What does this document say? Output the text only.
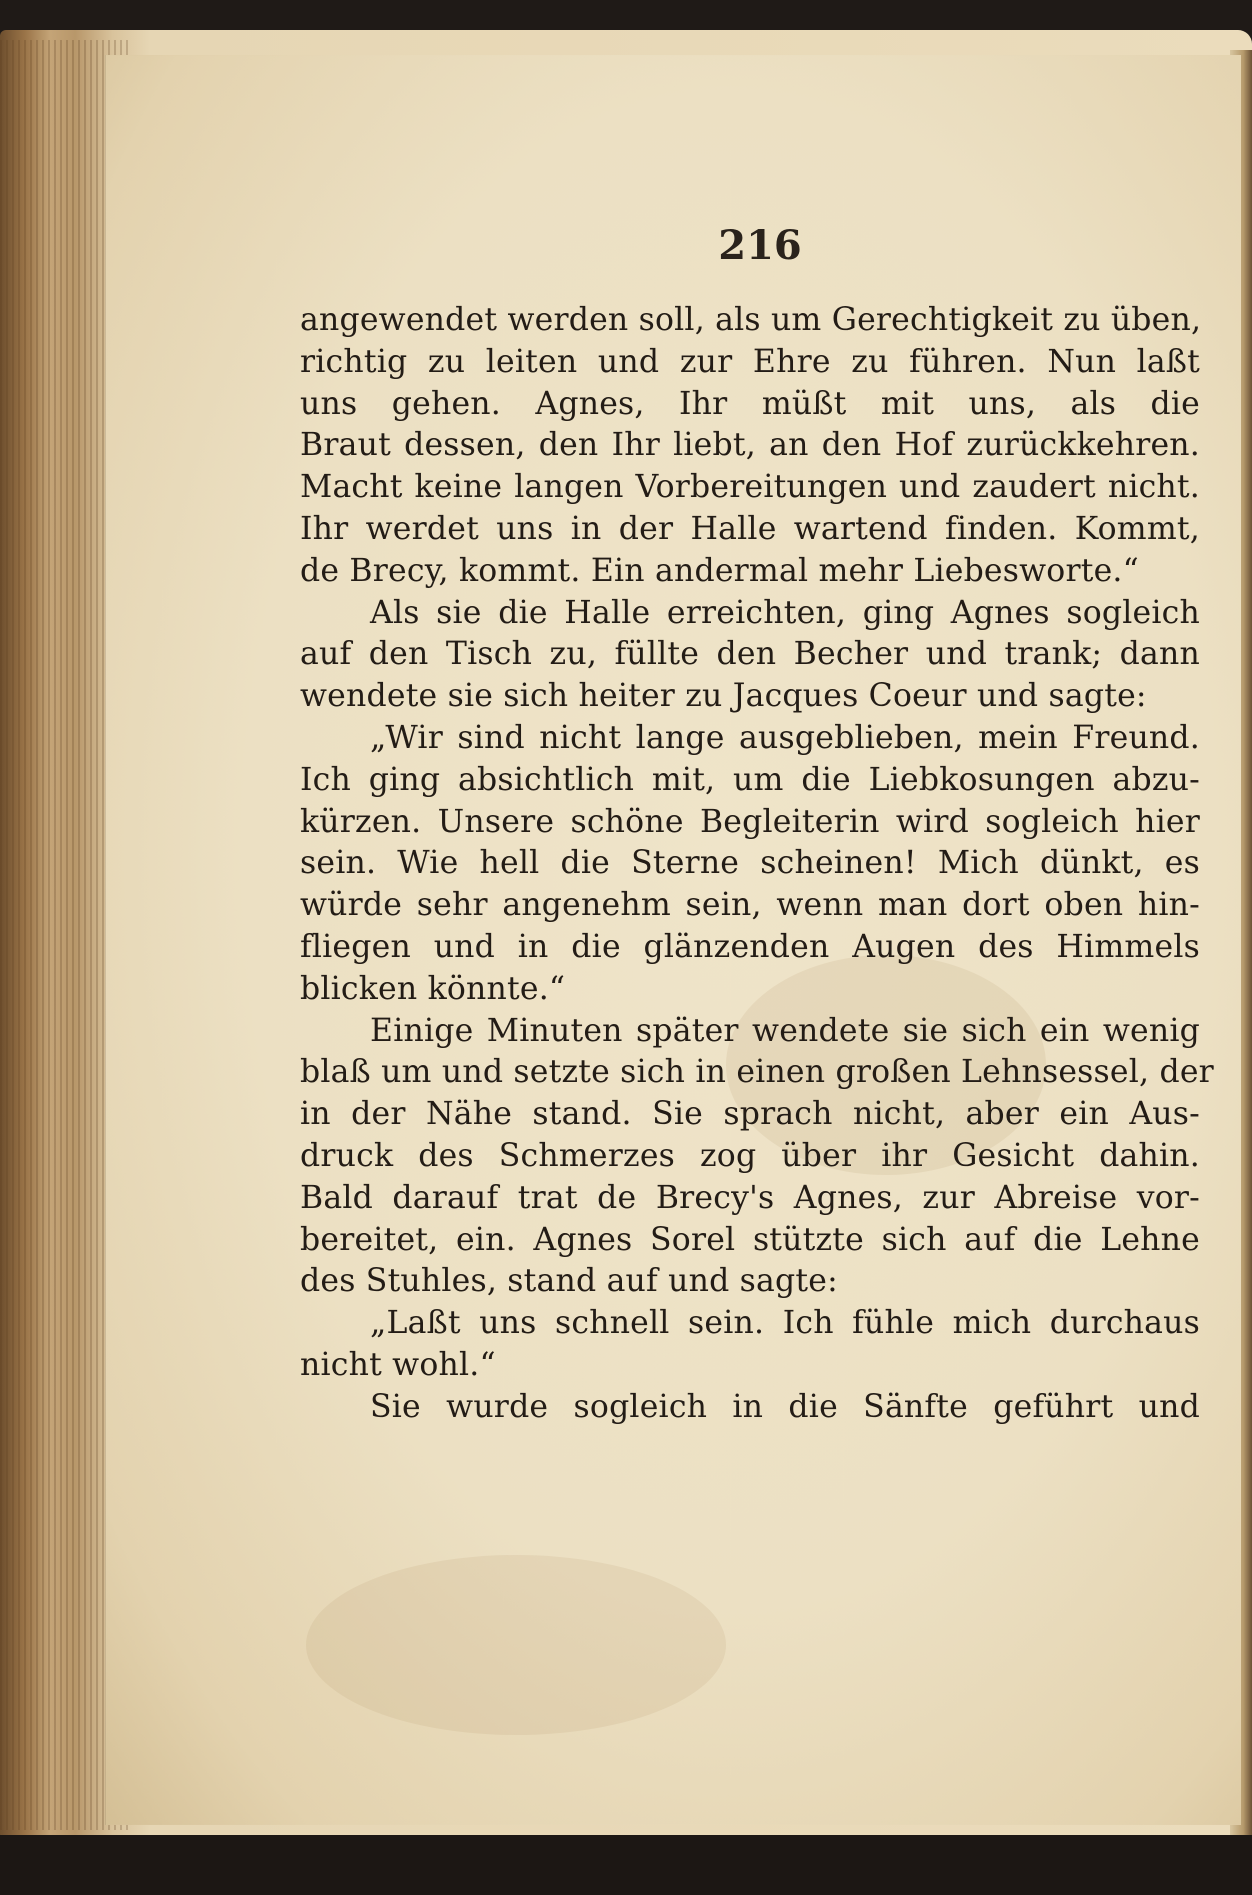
216
angewendet werden soll, als um Gerechtigkeit zu üben,
richtig zu leiten und zur Ehre zu führen. Nun laßt
uns gehen. Agnes, Ihr müßt mit uns, als die
Braut dessen, den Ihr liebt, an den Hof zurückkehren.
Macht keine langen Vorbereitungen und zaudert nicht.
Ihr werdet uns in der Halle wartend finden. Kommt,
de Brecy, kommt. Ein andermal mehr Liebesworte.“
Als sie die Halle erreichten, ging Agnes sogleich
auf den Tisch zu, füllte den Becher und trank; dann
wendete sie sich heiter zu Jacques Coeur und sagte:
„Wir sind nicht lange ausgeblieben, mein Freund.
Ich ging absichtlich mit, um die Liebkosungen abzu-
kürzen. Unsere schöne Begleiterin wird sogleich hier
sein. Wie hell die Sterne scheinen! Mich dünkt, es
würde sehr angenehm sein, wenn man dort oben hin-
fliegen und in die glänzenden Augen des Himmels
blicken könnte.“
Einige Minuten später wendete sie sich ein wenig
blaß um und setzte sich in einen großen Lehnsessel, der
in der Nähe stand. Sie sprach nicht, aber ein Aus-
druck des Schmerzes zog über ihr Gesicht dahin.
Bald darauf trat de Brecy's Agnes, zur Abreise vor-
bereitet, ein. Agnes Sorel stützte sich auf die Lehne
des Stuhles, stand auf und sagte:
„Laßt uns schnell sein. Ich fühle mich durchaus
nicht wohl.“
Sie wurde sogleich in die Sänfte geführt und
